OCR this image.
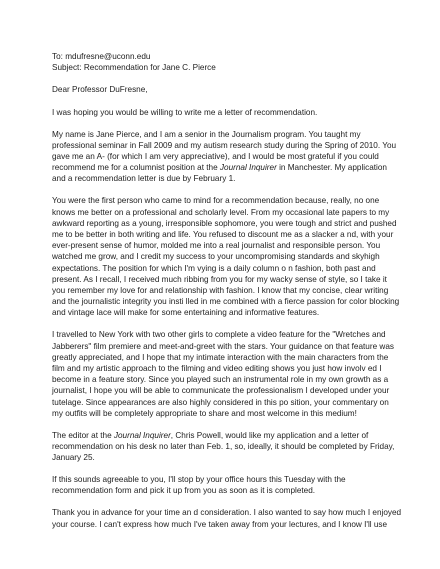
To: mdufresne@uconn.edu

Subject: Recommendation for Jane C. Pierce

Dear Professor DuFresne,

I was hoping you would be willing to write me a letter of recommendation.

My name is Jane Pierce, and I am a senior in the Journalism program. You taught my
professional seminar in Fall 2009 and my autism research study during the Spring of 2010. You
gave me an A- (for which I am very appreciative), and I would be most grateful if you could
recommend me for a columnist position at the Journal Inquirer in Manchester. My application
and a recommendation letter is due by February 1.

You were the first person who came to mind for a recommendation because, really, no one
knows me better on a professional and scholarly level. From my occasional late papers to my
awkward reporting as a young, irresponsible sophomore, you were tough and strict and pushed
me to be better in both writing and life. You refused to discount me as a slacker a nd, with your
ever-present sense of humor, molded me into a real journalist and responsible person. You
watched me grow, and I credit my success to your uncompromising standards and skyhigh
expectations. The position for which I'm vying is a daily column o n fashion, both past and
present. As I recall, I received much ribbing from you for my wacky sense of style, so I take it
you remember my love for and relationship with fashion. I know that my concise, clear writing
and the journalistic integrity you insti lled in me combined with a fierce passion for color blocking
and vintage lace will make for some entertaining and informative features.

I travelled to New York with two other girls to complete a video feature for the "Wretches and
Jabberers" film premiere and meet-and-greet with the stars. Your guidance on that feature was
greatly appreciated, and I hope that my intimate interaction with the main characters from the
film and my artistic approach to the filming and video editing shows you just how involv ed I
become in a feature story. Since you played such an instrumental role in my own growth as a
journalist, I hope you will be able to communicate the professionalism I developed under your
tutelage. Since appearances are also highly considered in this po sition, your commentary on
my outfits will be completely appropriate to share and most welcome in this medium!

The editor at the Journal Inquirer, Chris Powell, would like my application and a letter of
recommendation on his desk no later than Feb. 1, so, ideally, it should be completed by Friday,
January 25.

If this sounds agreeable to you, I'll stop by your office hours this Tuesday with the
recommendation form and pick it up from you as soon as it is completed.

Thank you in advance for your time an d consideration. I also wanted to say how much I enjoyed
your course. I can't express how much I've taken away from your lectures, and I know I'll use
